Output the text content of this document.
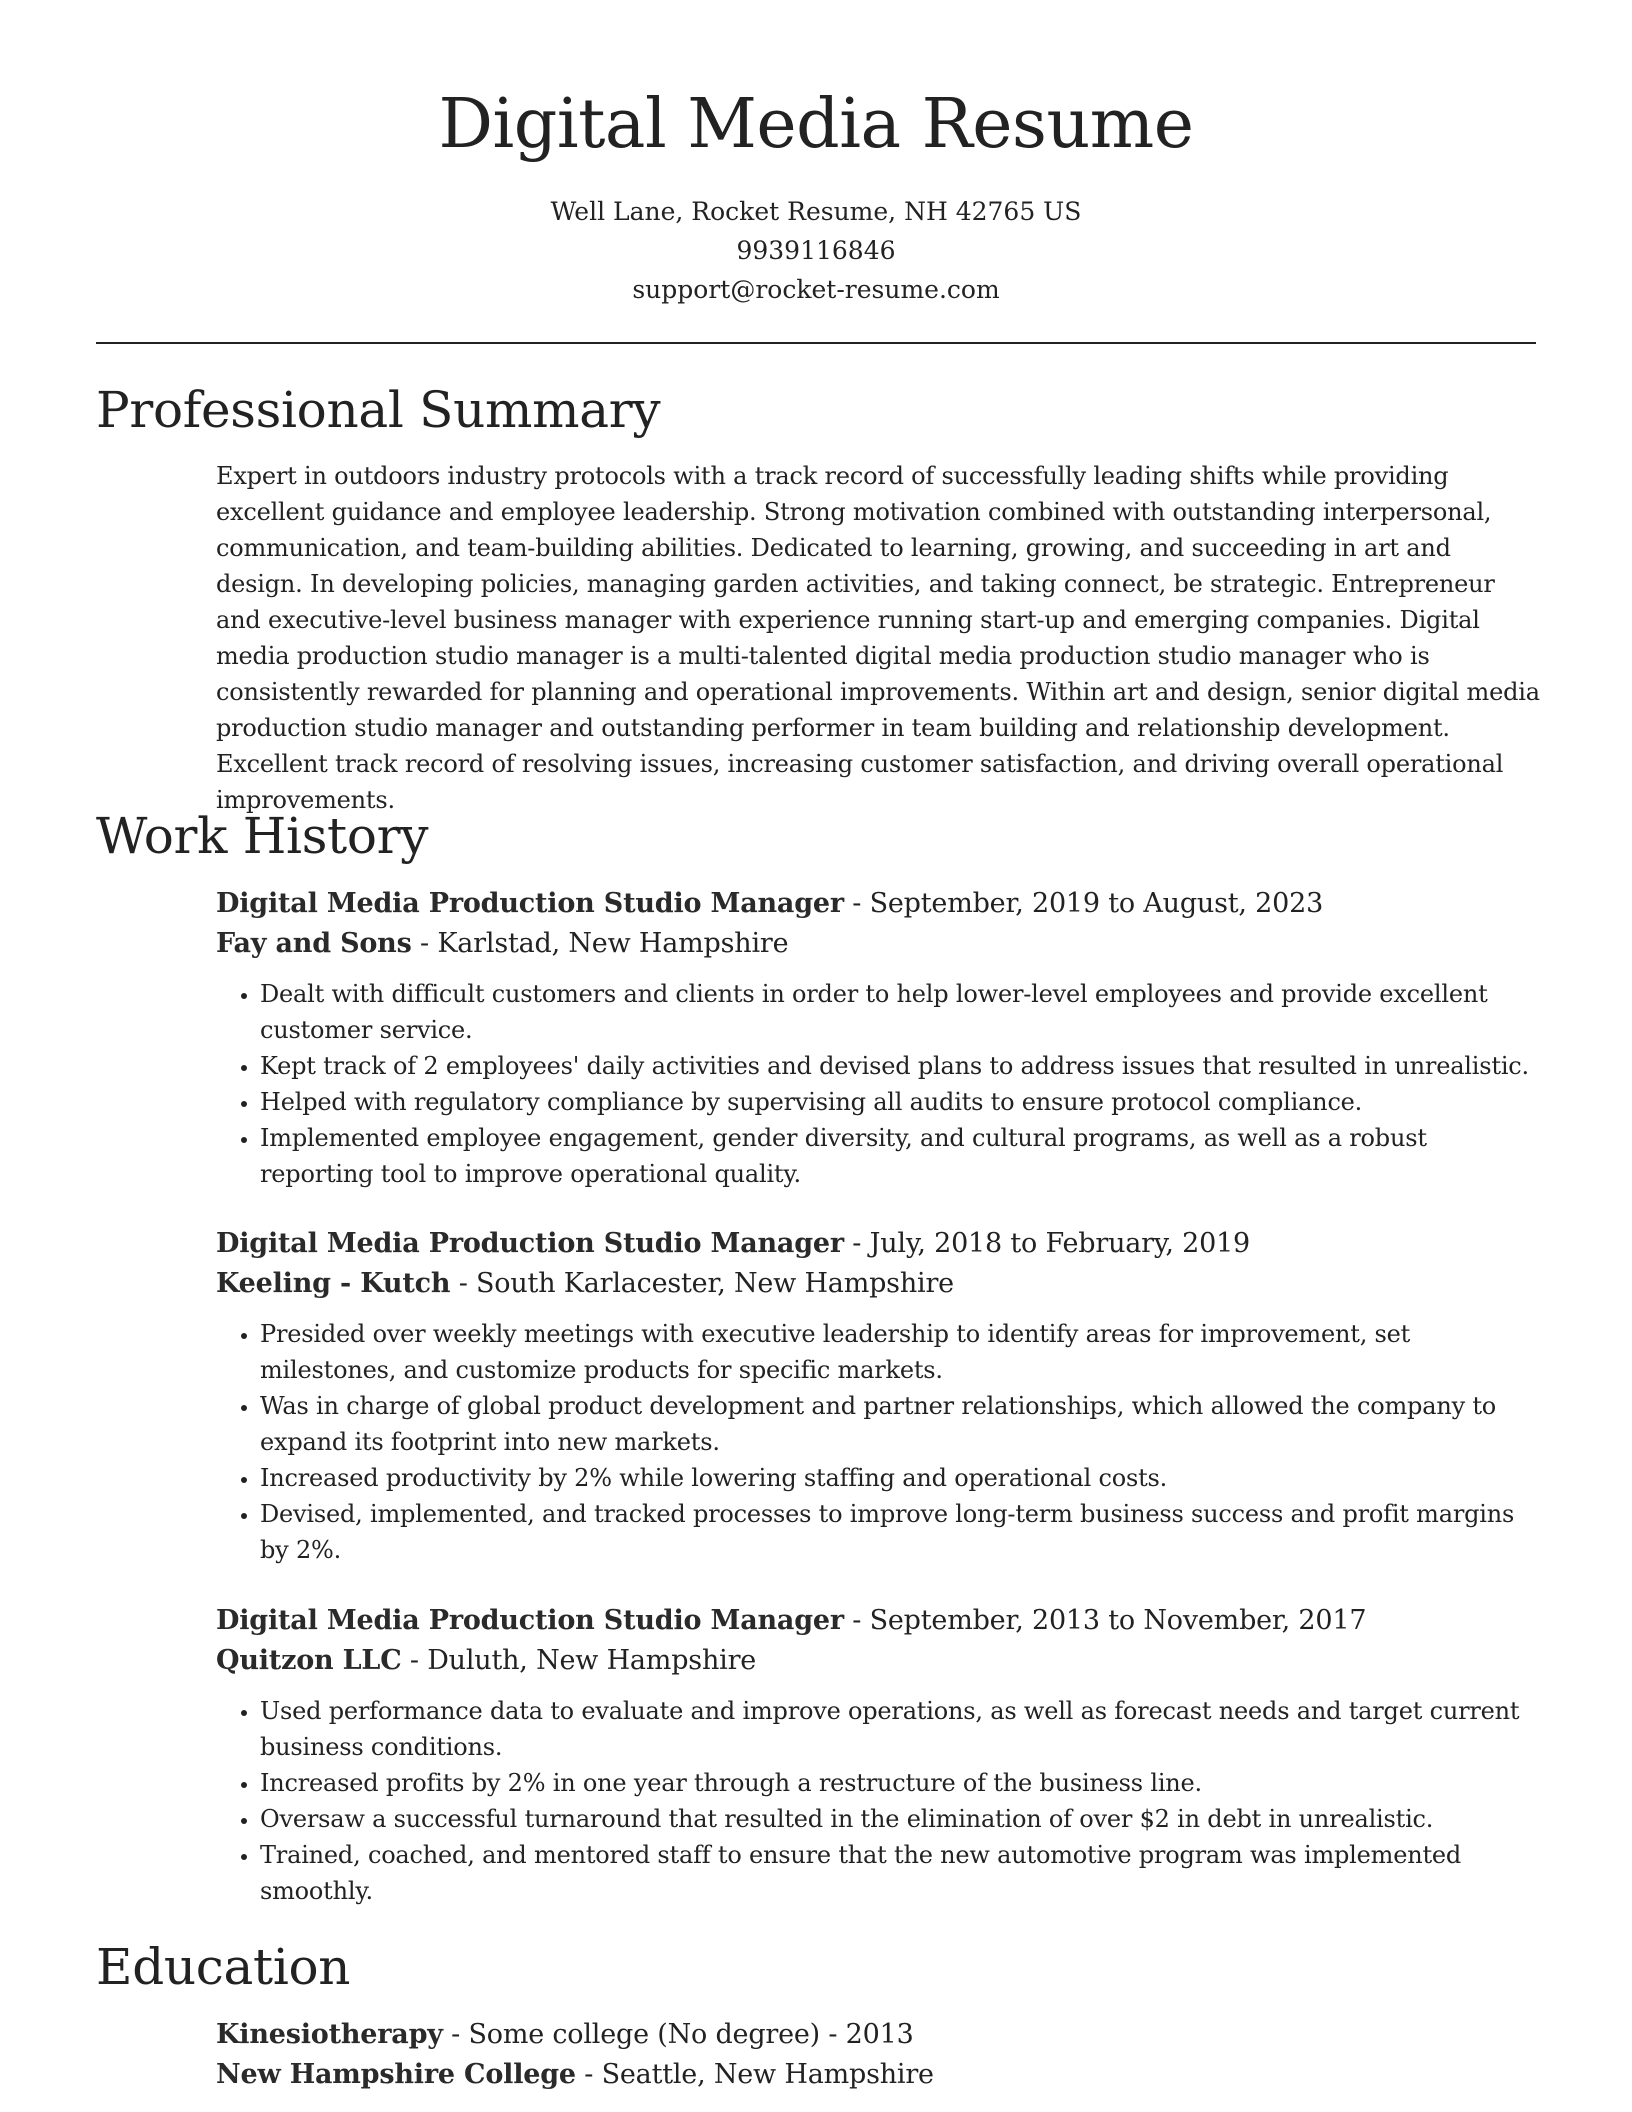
Digital Media Resume
Well Lane, Rocket Resume, NH 42765 US
9939116846
support@rocket-resume.com
Professional Summary

Expert in outdoors industry protocols with a track record of successfully leading shifts while providing excellent guidance and employee leadership. Strong motivation combined with outstanding interpersonal, communication, and team-building abilities. Dedicated to learning, growing, and succeeding in art and design. In developing policies, managing garden activities, and taking connect, be strategic. Entrepreneur and executive-level business manager with experience running start-up and emerging companies. Digital media production studio manager is a multi-talented digital media production studio manager who is consistently rewarded for planning and operational improvements. Within art and design, senior digital media production studio manager and outstanding performer in team building and relationship development. Excellent track record of resolving issues, increasing customer satisfaction, and driving overall operational improvements.

Work History
Digital Media Production Studio Manager - September, 2019 to August, 2023
Fay and Sons - Karlstad, New Hampshire
• Dealt with difficult customers and clients in order to help lower-level employees and provide excellent customer service.
• Kept track of 2 employees' daily activities and devised plans to address issues that resulted in unrealistic.
• Helped with regulatory compliance by supervising all audits to ensure protocol compliance.
• Implemented employee engagement, gender diversity, and cultural programs, as well as a robust reporting tool to improve operational quality.
Digital Media Production Studio Manager - July, 2018 to February, 2019
Keeling - Kutch - South Karlacester, New Hampshire
• Presided over weekly meetings with executive leadership to identify areas for improvement, set milestones, and customize products for specific markets.
• Was in charge of global product development and partner relationships, which allowed the company to expand its footprint into new markets.
• Increased productivity by 2% while lowering staffing and operational costs.
• Devised, implemented, and tracked processes to improve long-term business success and profit margins by 2%.
Digital Media Production Studio Manager - September, 2013 to November, 2017
Quitzon LLC - Duluth, New Hampshire
• Used performance data to evaluate and improve operations, as well as forecast needs and target current business conditions.
• Increased profits by 2% in one year through a restructure of the business line.
• Oversaw a successful turnaround that resulted in the elimination of over $2 in debt in unrealistic.
• Trained, coached, and mentored staff to ensure that the new automotive program was implemented smoothly.
Education
Kinesiotherapy - Some college (No degree) - 2013
New Hampshire College - Seattle, New Hampshire
